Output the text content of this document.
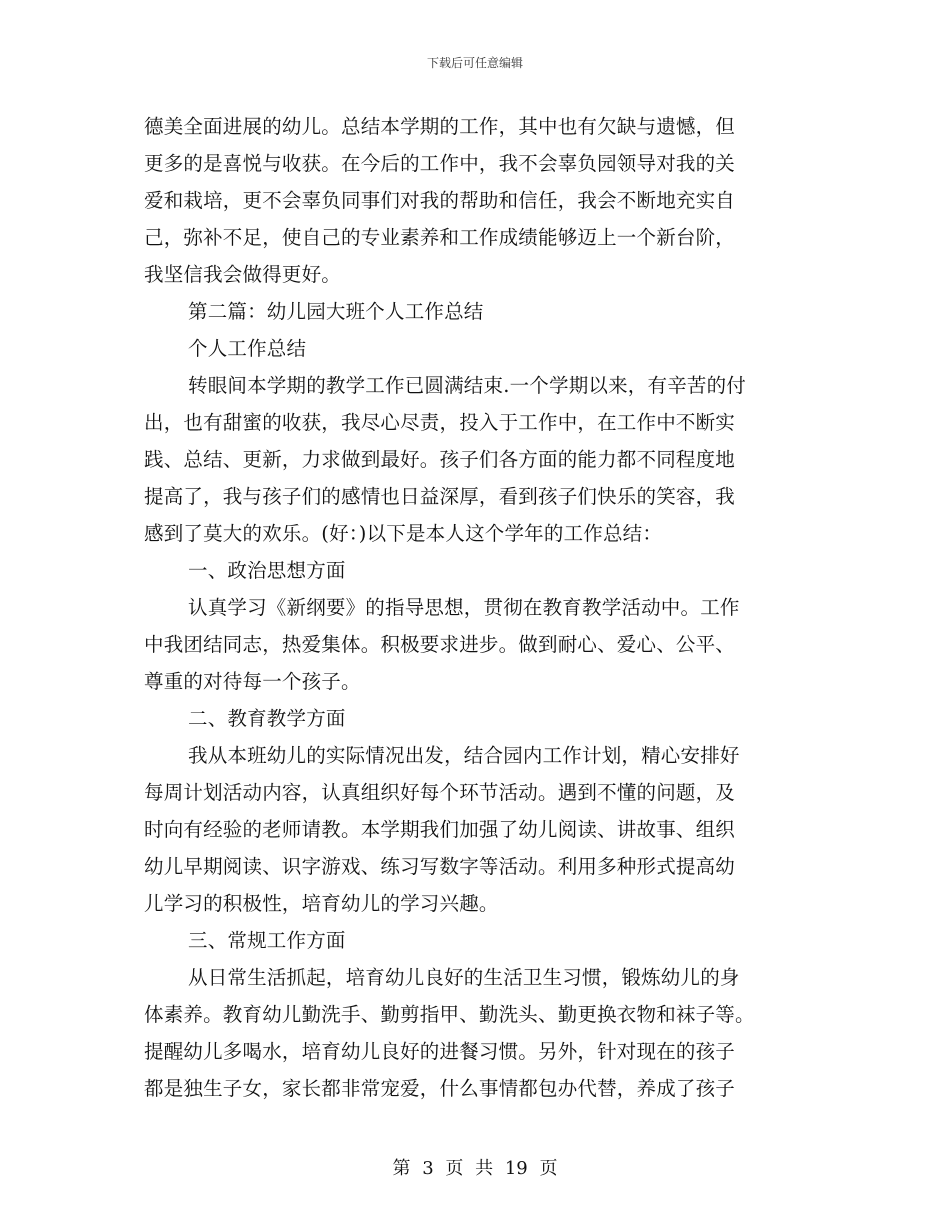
下载后可任意编辑
德美全面进展的幼儿。总结本学期的工作，其中也有欠缺与遗憾，但
更多的是喜悦与收获。在今后的工作中，我不会辜负园领导对我的关
爱和栽培，更不会辜负同事们对我的帮助和信任，我会不断地充实自
己，弥补不足，使自己的专业素养和工作成绩能够迈上一个新台阶，
我坚信我会做得更好。
第二篇：幼儿园大班个人工作总结
个人工作总结
转眼间本学期的教学工作已圆满结束.一个学期以来，有辛苦的付
出，也有甜蜜的收获，我尽心尽责，投入于工作中，在工作中不断实
践、总结、更新，力求做到最好。孩子们各方面的能力都不同程度地
提高了，我与孩子们的感情也日益深厚，看到孩子们快乐的笑容，我
感到了莫大的欢乐。(好：)以下是本人这个学年的工作总结：
一、政治思想方面
认真学习《新纲要》的指导思想，贯彻在教育教学活动中。工作
中我团结同志，热爱集体。积极要求进步。做到耐心、爱心、公平、
尊重的对待每一个孩子。
二、教育教学方面
我从本班幼儿的实际情况出发，结合园内工作计划，精心安排好
每周计划活动内容，认真组织好每个环节活动。遇到不懂的问题，及
时向有经验的老师请教。本学期我们加强了幼儿阅读、讲故事、组织
幼儿早期阅读、识字游戏、练习写数字等活动。利用多种形式提高幼
儿学习的积极性，培育幼儿的学习兴趣。
三、常规工作方面
从日常生活抓起，培育幼儿良好的生活卫生习惯，锻炼幼儿的身
体素养。教育幼儿勤洗手、勤剪指甲、勤洗头、勤更换衣物和袜子等。
提醒幼儿多喝水，培育幼儿良好的进餐习惯。另外，针对现在的孩子
都是独生子女，家长都非常宠爱，什么事情都包办代替，养成了孩子
第 3 页 共 19 页
